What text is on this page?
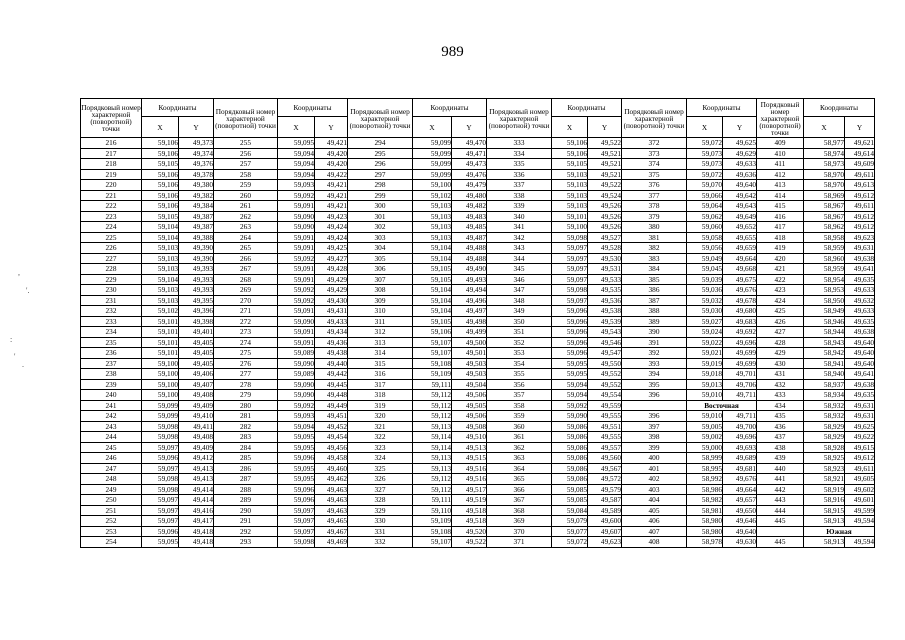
989
,
'.
:
'
.
Порядковый номер характерной (поворотной) точки	Координаты		Порядковый номер характерной (поворотной) точки	Координаты		Порядковый номер характерной (поворотной) точки	Координаты		Порядковый номер характерной (поворотной) точки	Координаты		Порядковый номер характерной (поворотной) точки	Координаты		Порядковый номер характерной (поворотной) точки	Координаты	
	X	Y		X	Y		X	Y		X	Y		X	Y		X	Y
216	59,106	49,373	255	59,095	49,421	294	59,099	49,470	333	59,106	49,522	372	59,072	49,625	409	58,977	49,621
217	59,106	49,374	256	59,094	49,420	295	59,099	49,471	334	59,106	49,521	373	59,073	49,629	410	58,974	49,614
218	59,105	49,376	257	59,094	49,420	296	59,099	49,473	335	59,105	49,521	374	59,073	49,633	411	58,973	49,609
219	59,106	49,378	258	59,094	49,422	297	59,099	49,476	336	59,103	49,521	375	59,072	49,636	412	58,970	49,611
220	59,106	49,380	259	59,093	49,421	298	59,100	49,479	337	59,103	49,522	376	59,070	49,640	413	58,970	49,613
221	59,106	49,382	260	59,092	49,421	299	59,102	49,480	338	59,103	49,524	377	59,066	49,642	414	58,969	49,612
222	59,106	49,384	261	59,091	49,421	300	59,103	49,482	339	59,103	49,526	378	59,064	49,643	415	58,967	49,611
223	59,105	49,387	262	59,090	49,423	301	59,103	49,483	340	59,101	49,526	379	59,062	49,649	416	58,967	49,612
224	59,104	49,387	263	59,090	49,424	302	59,103	49,485	341	59,100	49,526	380	59,060	49,652	417	58,962	49,612
225	59,104	49,388	264	59,091	49,424	303	59,103	49,487	342	59,098	49,527	381	59,058	49,655	418	58,958	49,623
226	59,103	49,390	265	59,091	49,425	304	59,104	49,488	343	59,097	49,528	382	59,056	49,659	419	58,959	49,631
227	59,103	49,390	266	59,092	49,427	305	59,104	49,488	344	59,097	49,530	383	59,049	49,664	420	58,960	49,638
228	59,103	49,393	267	59,091	49,428	306	59,105	49,490	345	59,097	49,531	384	59,045	49,668	421	58,959	49,641
229	59,104	49,393	268	59,091	49,429	307	59,105	49,493	346	59,097	49,533	385	59,039	49,675	422	58,954	49,635
230	59,103	49,393	269	59,092	49,429	308	59,104	49,494	347	59,098	49,535	386	59,036	49,676	423	58,953	49,633
231	59,103	49,395	270	59,092	49,430	309	59,104	49,496	348	59,097	49,536	387	59,032	49,678	424	58,950	49,632
232	59,102	49,396	271	59,091	49,431	310	59,104	49,497	349	59,096	49,538	388	59,030	49,680	425	58,949	49,633
233	59,101	49,398	272	59,090	49,433	311	59,105	49,498	350	59,096	49,539	389	59,027	49,683	426	58,946	49,635
234	59,101	49,401	273	59,091	49,434	312	59,106	49,499	351	59,096	49,543	390	59,024	49,692	427	58,944	49,638
235	59,101	49,405	274	59,091	49,436	313	59,107	49,500	352	59,096	49,546	391	59,022	49,696	428	58,943	49,640
236	59,101	49,405	275	59,089	49,438	314	59,107	49,501	353	59,096	49,547	392	59,021	49,699	429	58,942	49,640
237	59,100	49,405	276	59,090	49,440	315	59,108	49,503	354	59,095	49,550	393	59,019	49,699	430	58,941	49,640
238	59,100	49,406	277	59,089	49,442	316	59,109	49,503	355	59,095	49,552	394	59,018	49,701	431	58,940	49,641
239	59,100	49,407	278	59,090	49,445	317	59,111	49,504	356	59,094	49,552	395	59,013	49,706	432	58,937	49,638
240	59,100	49,408	279	59,090	49,448	318	59,112	49,506	357	59,094	49,554	396	59,010	49,711	433	58,934	49,635
241	59,099	49,409	280	59,092	49,449	319	59,112	49,505	358	59,092	49,559		Восточная		434	58,932	49,631
242	59,099	49,410	281	59,093	49,451	320	59,112	49,506	359	59,090	49,555	396	59,010	49,711	435	58,932	49,631
243	59,098	49,411	282	59,094	49,452	321	59,113	49,508	360	59,086	49,551	397	59,005	49,700	436	58,929	49,625
244	59,098	49,408	283	59,095	49,454	322	59,114	49,510	361	59,086	49,555	398	59,002	49,696	437	58,929	49,622
245	59,097	49,409	284	59,095	49,456	323	59,114	49,513	362	59,086	49,557	399	59,000	49,693	438	58,928	49,615
246	59,096	49,412	285	59,096	49,458	324	59,113	49,515	363	59,086	49,560	400	58,999	49,689	439	58,925	49,612
247	59,097	49,413	286	59,095	49,460	325	59,113	49,516	364	59,086	49,567	401	58,995	49,681	440	58,923	49,611
248	59,098	49,413	287	59,095	49,462	326	59,112	49,516	365	59,086	49,572	402	58,992	49,676	441	58,921	49,605
249	59,098	49,414	288	59,096	49,463	327	59,112	49,517	366	59,085	49,579	403	58,986	49,664	442	58,919	49,602
250	59,097	49,414	289	59,096	49,463	328	59,111	49,519	367	59,085	49,587	404	58,982	49,657	443	58,916	49,601
251	59,097	49,416	290	59,097	49,463	329	59,110	49,518	368	59,084	49,589	405	58,981	49,650	444	58,915	49,599
252	59,097	49,417	291	59,097	49,465	330	59,109	49,518	369	59,079	49,600	406	58,980	49,646	445	58,913	49,594
253	59,096	49,418	292	59,097	49,467	331	59,108	49,520	370	59,077	49,607	407	58,980	49,640		Южная	
254	59,095	49,418	293	59,098	49,469	332	59,107	49,522	371	59,072	49,623	408	58,978	49,630	445	58,913	49,594
